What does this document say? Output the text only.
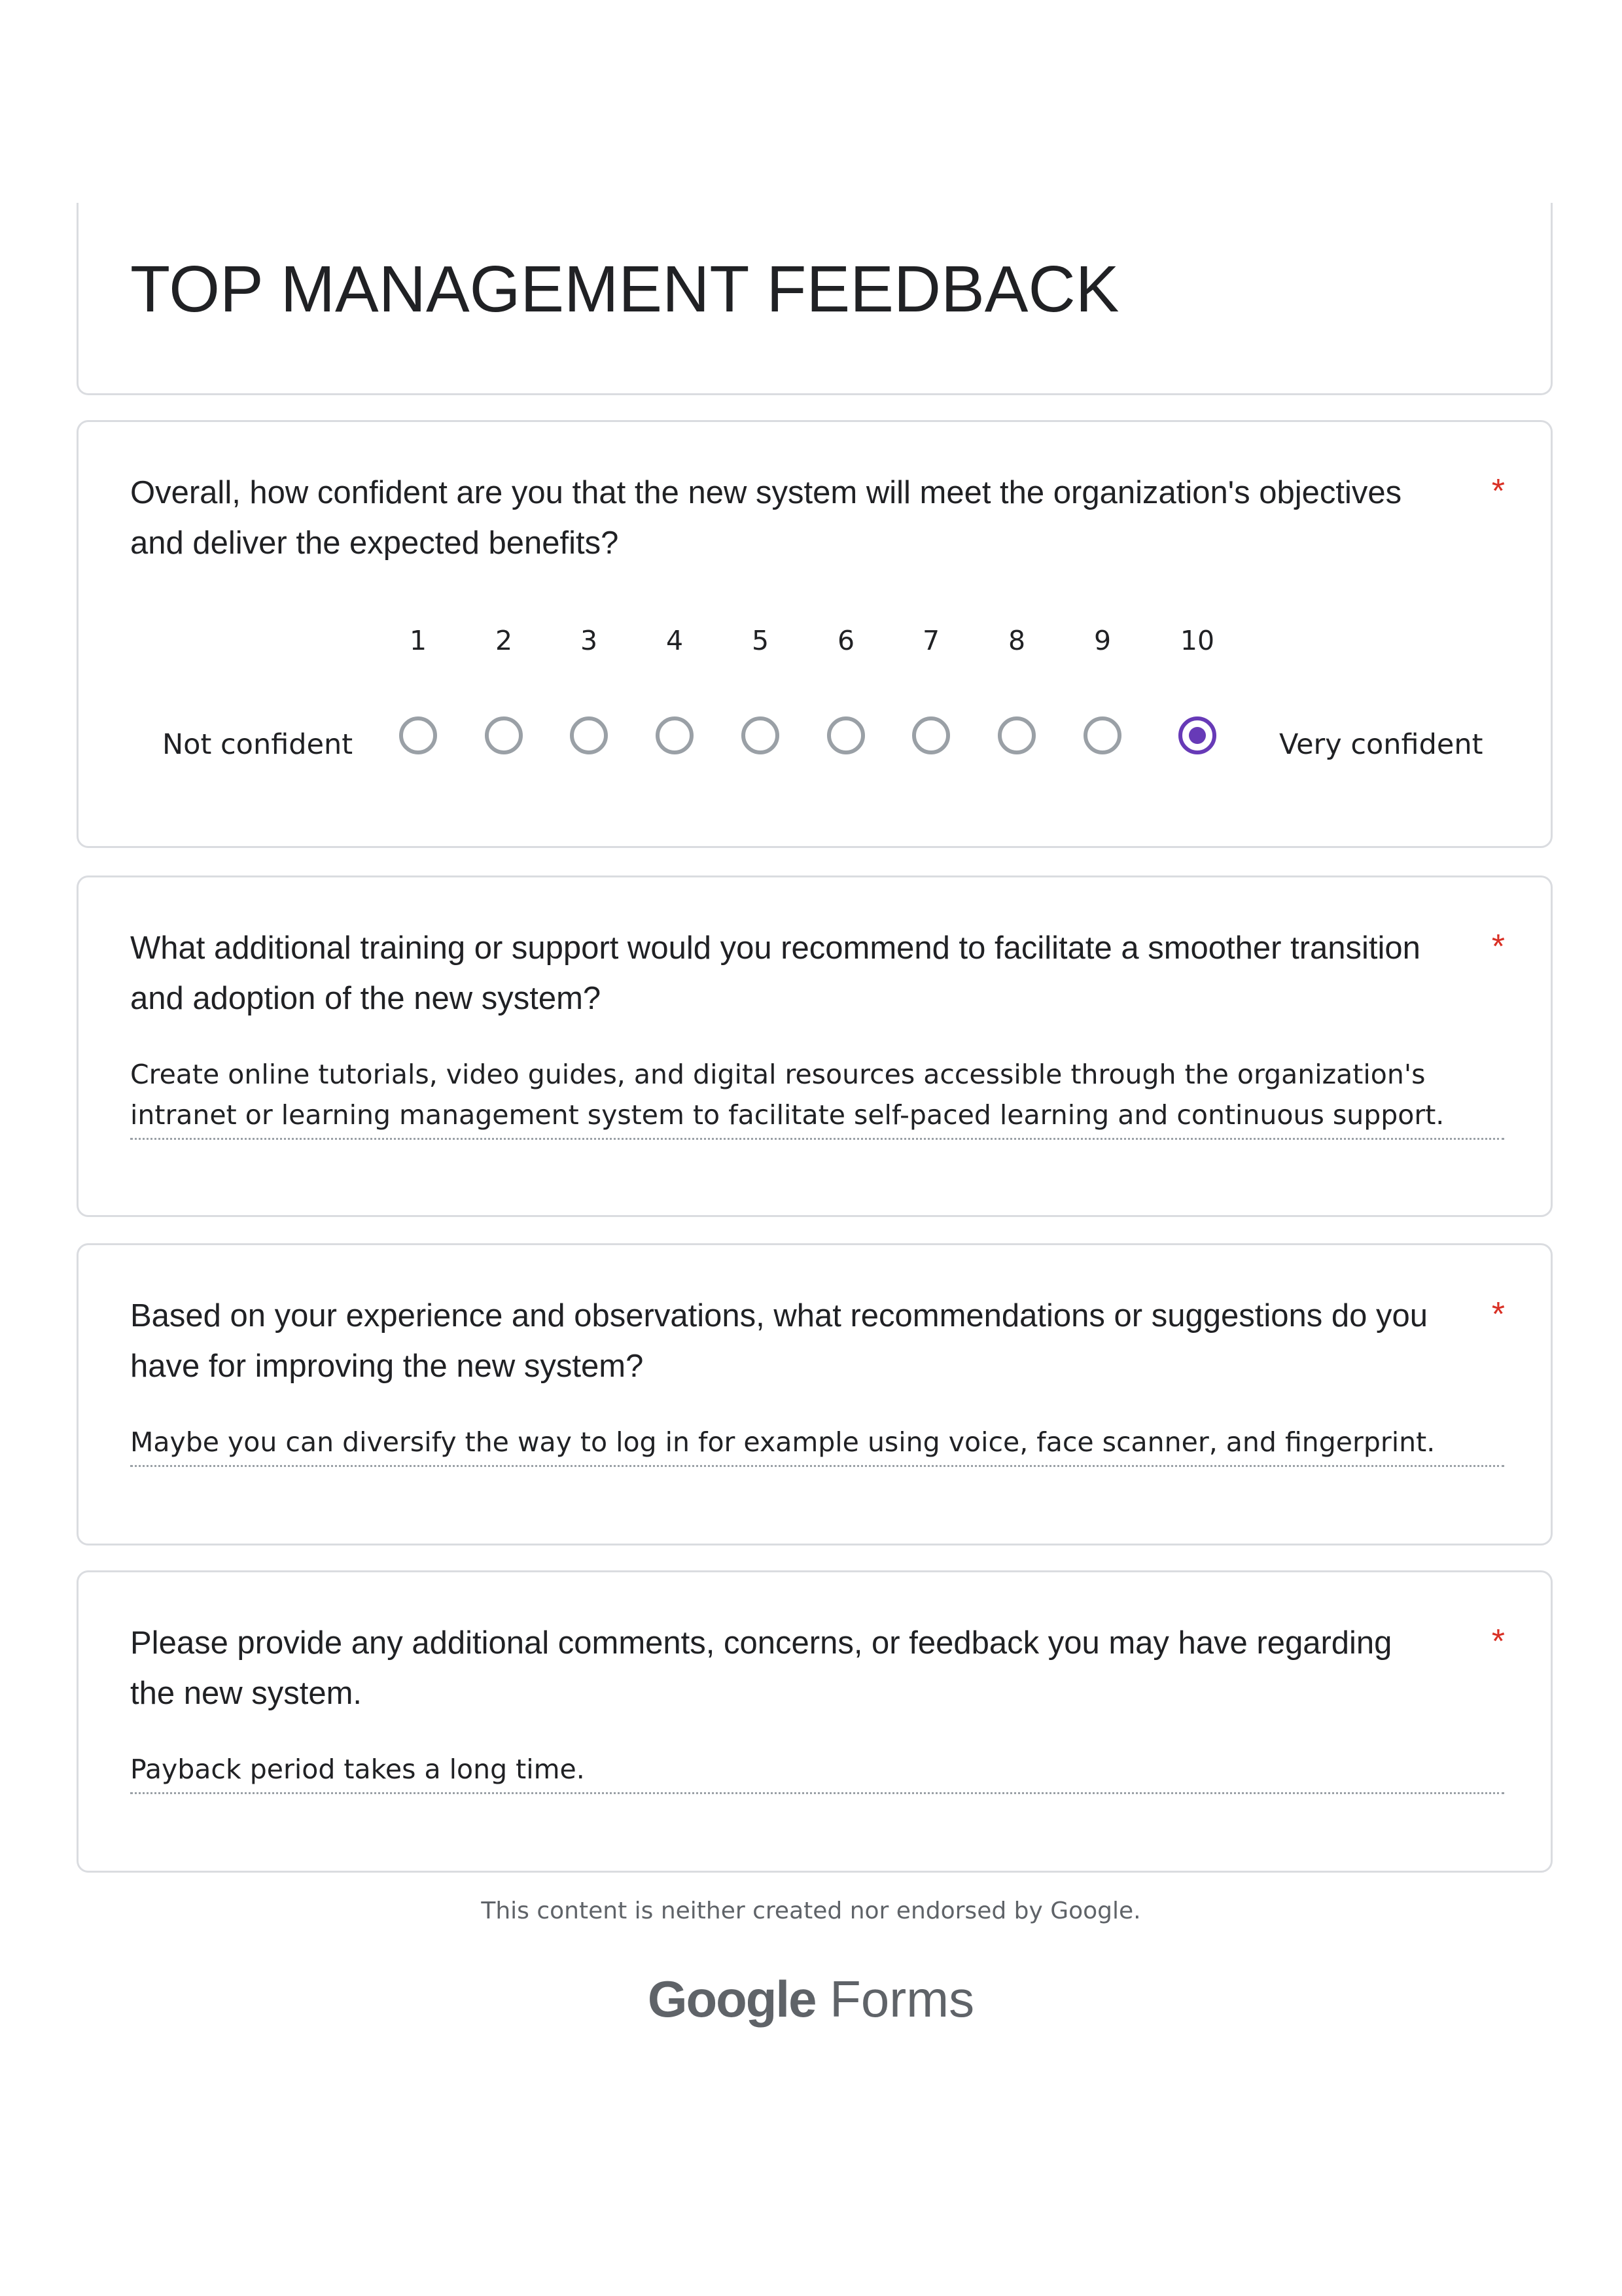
TOP MANAGEMENT FEEDBACK
Overall, how confident are you that the new system will meet the organization's objectives and deliver the expected benefits?
*
1	2	3	4	5	6	7	8	9	10
Not confident	Very confident
What additional training or support would you recommend to facilitate a smoother transition and adoption of the new system?
*
Create online tutorials, video guides, and digital resources accessible through the organization's intranet or learning management system to facilitate self-paced learning and continuous support.
Based on your experience and observations, what recommendations or suggestions do you have for improving the new system?
*
Maybe you can diversify the way to log in for example using voice, face scanner, and fingerprint.
Please provide any additional comments, concerns, or feedback you may have regarding the new system.
*
Payback period takes a long time.
This content is neither created nor endorsed by Google.
Google Forms
